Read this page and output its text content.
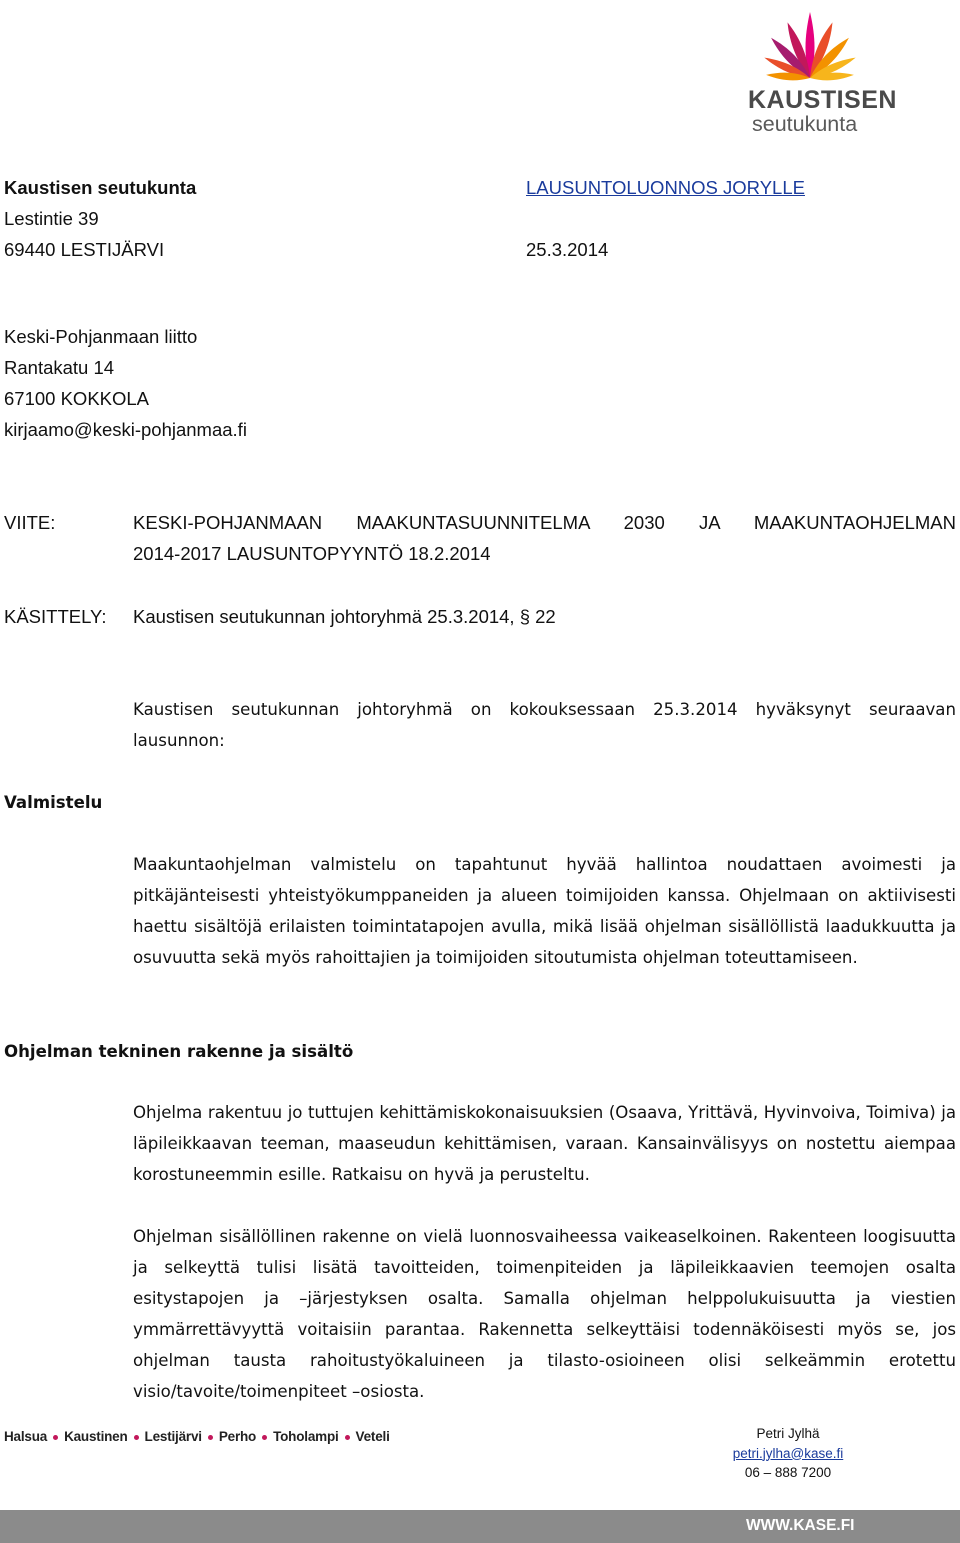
KAUSTISEN
seutukunta
Kaustisen seutukunta
Lestintie 39
69440 LESTIJÄRVI
LAUSUNTOLUONNOS JORYLLE
25.3.2014
Keski-Pohjanmaan liitto
Rantakatu 14
67100 KOKKOLA
kirjaamo@keski-pohjanmaa.fi
VIITE:	KESKI-POHJANMAAN MAAKUNTASUUNNITELMA 2030 JA MAAKUNTAOHJELMAN
2014-2017 LAUSUNTOPYYNTÖ 18.2.2014
KÄSITTELY: Kaustisen seutukunnan johtoryhmä 25.3.2014, § 22
Kaustisen seutukunnan johtoryhmä on kokouksessaan 25.3.2014 hyväksynyt seuraavan lausunnon:
Valmistelu
Maakuntaohjelman valmistelu on tapahtunut hyvää hallintoa noudattaen avoimesti ja pitkäjänteisesti yhteistyökumppaneiden ja alueen toimijoiden kanssa. Ohjelmaan on aktiivisesti haettu sisältöjä erilaisten toimintatapojen avulla, mikä lisää ohjelman sisällöllistä laadukkuutta ja osuvuutta sekä myös rahoittajien ja toimijoiden sitoutumista ohjelman toteuttamiseen.
Ohjelman tekninen rakenne ja sisältö
Ohjelma rakentuu jo tuttujen kehittämiskokonaisuuksien (Osaava, Yrittävä, Hyvinvoiva, Toimiva) ja läpileikkaavan teeman, maaseudun kehittämisen, varaan. Kansainvälisyys on nostettu aiempaa korostuneemmin esille. Ratkaisu on hyvä ja perusteltu.
Ohjelman sisällöllinen rakenne on vielä luonnosvaiheessa vaikeaselkoinen. Rakenteen loogisuutta ja selkeyttä tulisi lisätä tavoitteiden, toimenpiteiden ja läpileikkaavien teemojen osalta esitystapojen ja –järjestyksen osalta. Samalla ohjelman helppolukuisuutta ja viestien ymmärrettävyyttä voitaisiin parantaa. Rakennetta selkeyttäisi todennäköisesti myös se, jos ohjelman tausta rahoitustyökaluineen ja tilasto-osioineen olisi selkeämmin erotettu visio/tavoite/toimenpiteet –osiosta.
Halsua Kaustinen Lestijärvi Perho Toholampi Veteli	Petri Jylhä
petri.jylha@kase.fi
06 – 888 7200
WWW.KASE.FI
